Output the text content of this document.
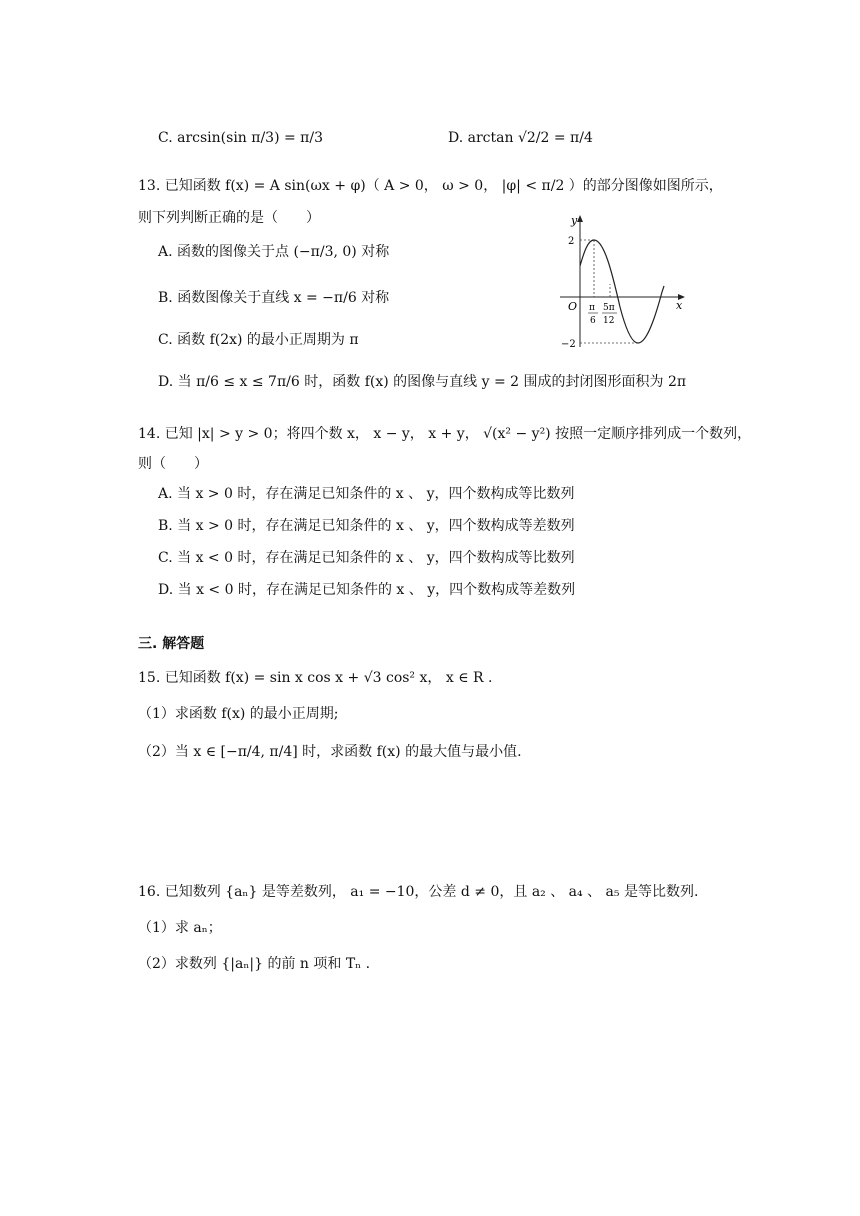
C. arcsin(sin π/3) = π/3	D. arctan √2/2 = π/4
13. 已知函数 f(x) = A sin(ωx + φ)（ A > 0， ω > 0， |φ| < π/2 ）的部分图像如图所示，
则下列判断正确的是（　　）
A. 函数的图像关于点 (−π/3, 0) 对称
B. 函数图像关于直线 x = −π/6 对称
C. 函数 f(2x) 的最小正周期为 π
D. 当 π/6 ≤ x ≤ 7π/6 时，函数 f(x) 的图像与直线 y = 2 围成的封闭图形面积为 2π
y
x
O
2
−2
π
6
5π
12
14. 已知 |x| > y > 0；将四个数 x， x − y， x + y， √(x² − y²) 按照一定顺序排列成一个数列，
则（　　）
A. 当 x > 0 时，存在满足已知条件的 x 、 y，四个数构成等比数列
B. 当 x > 0 时，存在满足已知条件的 x 、 y，四个数构成等差数列
C. 当 x < 0 时，存在满足已知条件的 x 、 y，四个数构成等比数列
D. 当 x < 0 时，存在满足已知条件的 x 、 y，四个数构成等差数列
三. 解答题
15. 已知函数 f(x) = sin x cos x + √3 cos² x， x ∈ R .
（1）求函数 f(x) 的最小正周期;
（2）当 x ∈ [−π/4, π/4] 时，求函数 f(x) 的最大值与最小值.
16. 已知数列 {aₙ} 是等差数列， a₁ = −10，公差 d ≠ 0，且 a₂ 、 a₄ 、 a₅ 是等比数列.
（1）求 aₙ；
（2）求数列 {|aₙ|} 的前 n 项和 Tₙ .
